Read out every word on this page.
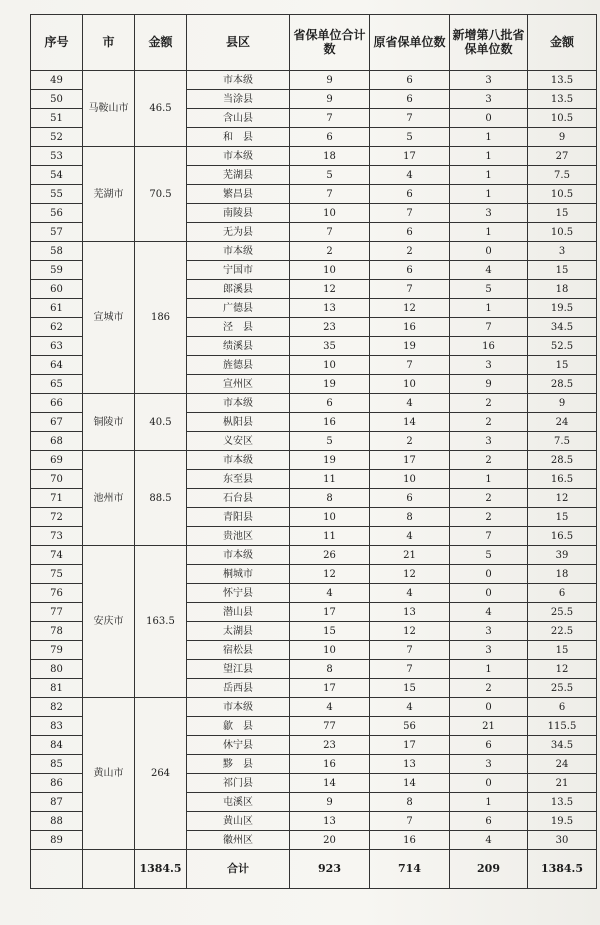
序号	市	金额	县区	省保单位合计数	原省保单位数	新增第八批省保单位数	金额
49	马鞍山市	46.5	市本级	9	6	3	13.5
50			当涂县	9	6	3	13.5
51			含山县	7	7	0	10.5
52			和　县	6	5	1	9
53	芜湖市	70.5	市本级	18	17	1	27
54			芜湖县	5	4	1	7.5
55			繁昌县	7	6	1	10.5
56			南陵县	10	7	3	15
57			无为县	7	6	1	10.5
58	宣城市	186	市本级	2	2	0	3
59			宁国市	10	6	4	15
60			郎溪县	12	7	5	18
61			广德县	13	12	1	19.5
62			泾　县	23	16	7	34.5
63			绩溪县	35	19	16	52.5
64			旌德县	10	7	3	15
65			宣州区	19	10	9	28.5
66	铜陵市	40.5	市本级	6	4	2	9
67			枞阳县	16	14	2	24
68			义安区	5	2	3	7.5
69	池州市	88.5	市本级	19	17	2	28.5
70			东至县	11	10	1	16.5
71			石台县	8	6	2	12
72			青阳县	10	8	2	15
73			贵池区	11	4	7	16.5
74	安庆市	163.5	市本级	26	21	5	39
75			桐城市	12	12	0	18
76			怀宁县	4	4	0	6
77			潜山县	17	13	4	25.5
78			太湖县	15	12	3	22.5
79			宿松县	10	7	3	15
80			望江县	8	7	1	12
81			岳西县	17	15	2	25.5
82	黄山市	264	市本级	4	4	0	6
83			歙　县	77	56	21	115.5
84			休宁县	23	17	6	34.5
85			黟　县	16	13	3	24
86			祁门县	14	14	0	21
87			屯溪区	9	8	1	13.5
88			黄山区	13	7	6	19.5
89			徽州区	20	16	4	30
		1384.5	合计	923	714	209	1384.5
